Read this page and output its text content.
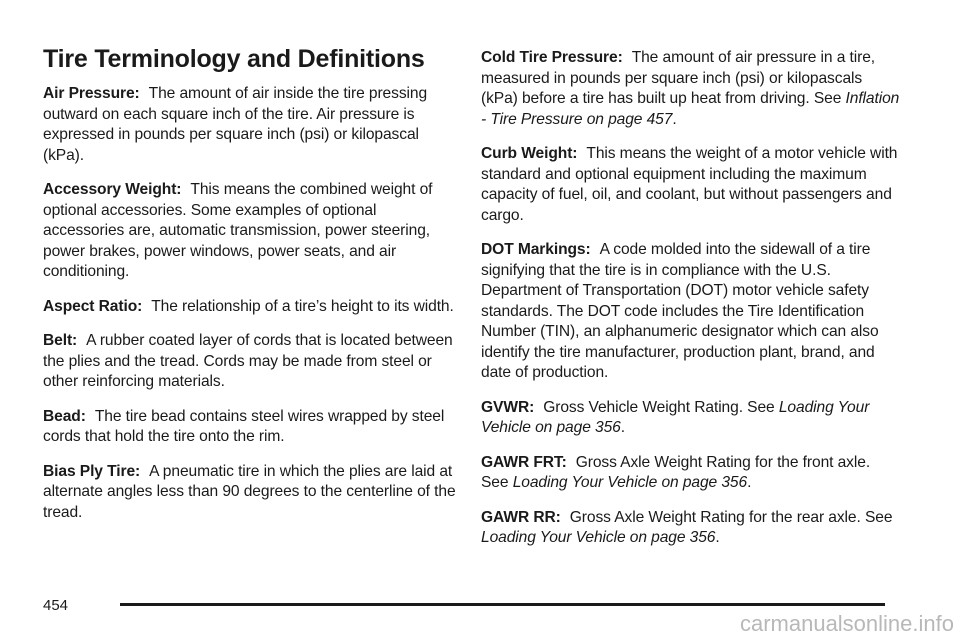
Tire Terminology and Definitions

Air Pressure: The amount of air inside the tire pressing outward on each square inch of the tire. Air pressure is expressed in pounds per square inch (psi) or kilopascal (kPa).

Accessory Weight: This means the combined weight of optional accessories. Some examples of optional accessories are, automatic transmission, power steering, power brakes, power windows, power seats, and air conditioning.

Aspect Ratio: The relationship of a tire’s height to its width.

Belt: A rubber coated layer of cords that is located between the plies and the tread. Cords may be made from steel or other reinforcing materials.

Bead: The tire bead contains steel wires wrapped by steel cords that hold the tire onto the rim.

Bias Ply Tire: A pneumatic tire in which the plies are laid at alternate angles less than 90 degrees to the centerline of the tread.

Cold Tire Pressure: The amount of air pressure in a tire, measured in pounds per square inch (psi) or kilopascals (kPa) before a tire has built up heat from driving. See Inflation - Tire Pressure on page 457.

Curb Weight: This means the weight of a motor vehicle with standard and optional equipment including the maximum capacity of fuel, oil, and coolant, but without passengers and cargo.

DOT Markings: A code molded into the sidewall of a tire signifying that the tire is in compliance with the U.S. Department of Transportation (DOT) motor vehicle safety standards. The DOT code includes the Tire Identification Number (TIN), an alphanumeric designator which can also identify the tire manufacturer, production plant, brand, and date of production.

GVWR: Gross Vehicle Weight Rating. See Loading Your Vehicle on page 356.

GAWR FRT: Gross Axle Weight Rating for the front axle. See Loading Your Vehicle on page 356.

GAWR RR: Gross Axle Weight Rating for the rear axle. See Loading Your Vehicle on page 356.

454
carmanualsonline.info
